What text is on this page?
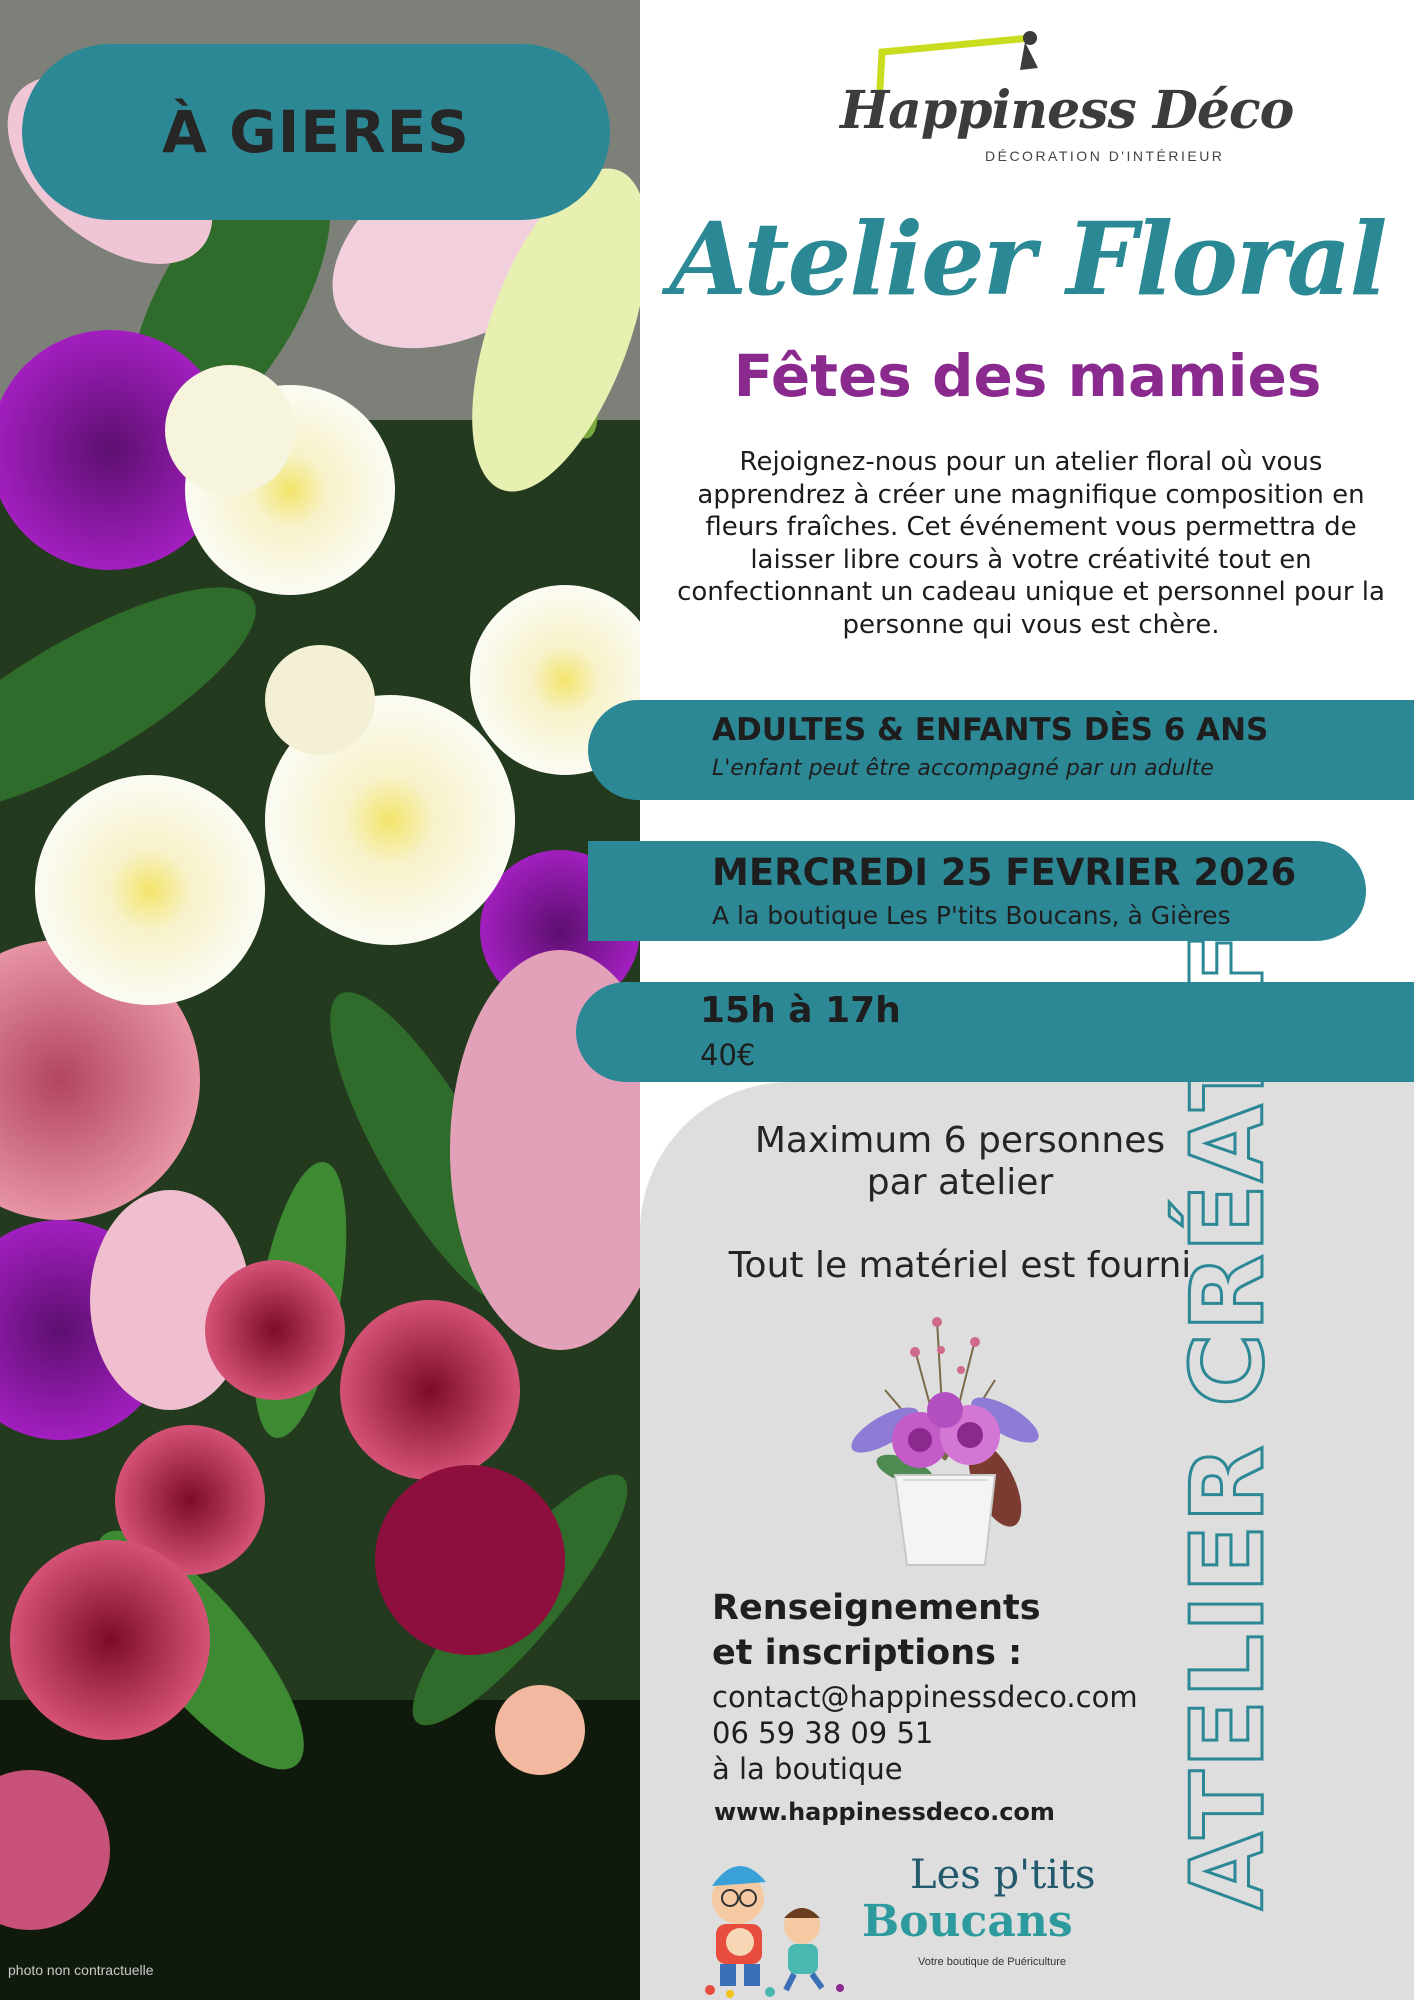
photo non contractuelle
À GIERES	Happiness Déco
DÉCORATION D'INTÉRIEUR
Atelier Floral
Fêtes des mamies
Rejoignez-nous pour un atelier floral où vous apprendrez à créer une magnifique composition en fleurs fraîches. Cet événement vous permettra de laisser libre cours à votre créativité tout en confectionnant un cadeau unique et personnel pour la personne qui vous est chère.
ADULTES & ENFANTS DÈS 6 ANS
L'enfant peut être accompagné par un adulte
MERCREDI 25 FEVRIER 2026
A la boutique Les P'tits Boucans, à Gières
15h à 17h
40€
Maximum 6 personnes
par atelier
Tout le matériel est fourni
ATELIER CRÉATIF
Renseignements
et inscriptions :
contact@happinessdeco.com
06 59 38 09 51
à la boutique
www.happinessdeco.com
Les p'tits
Boucans
Votre boutique de Puériculture
